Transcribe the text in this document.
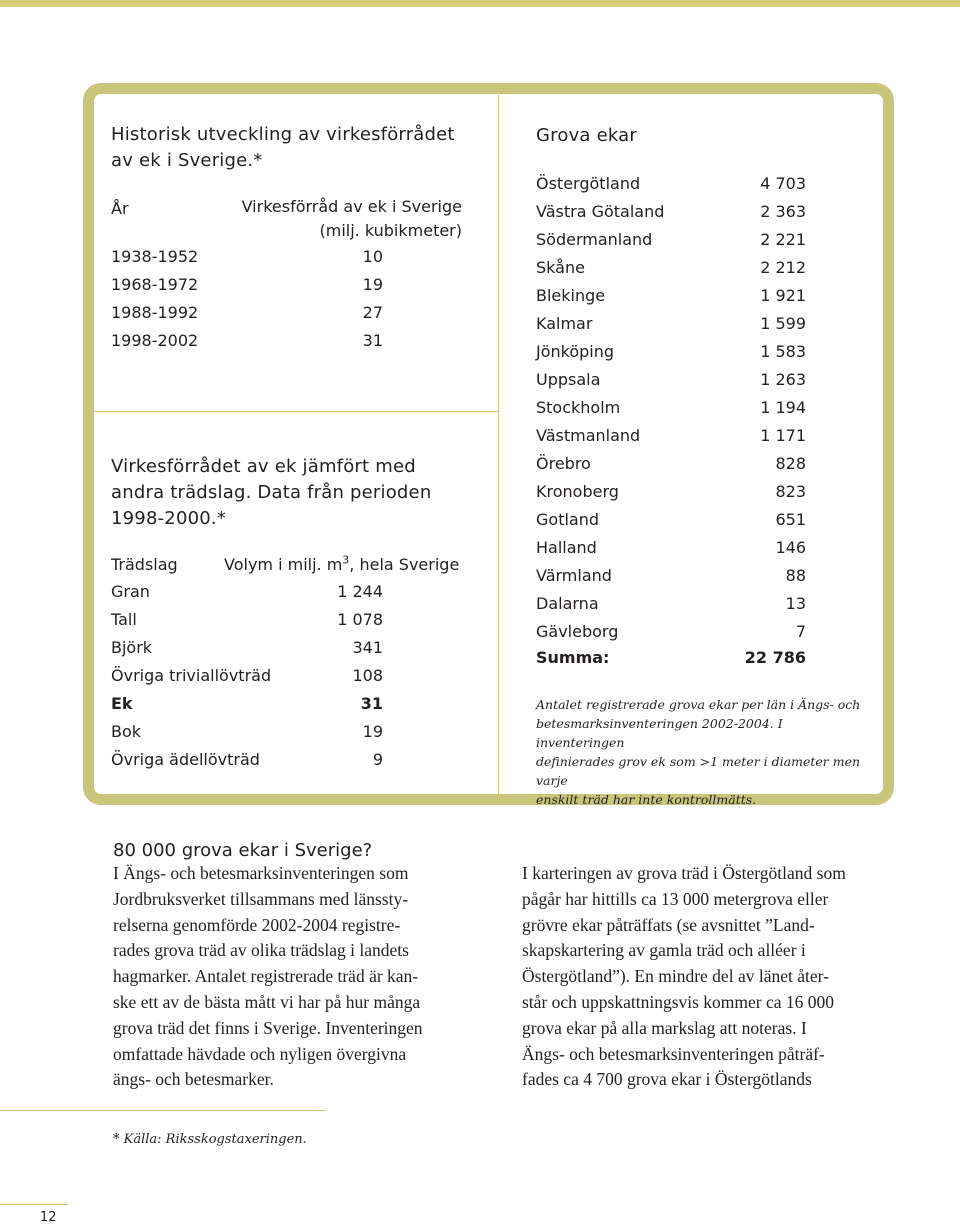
Historisk utveckling av virkesförrådet
av ek i Sverige.*
År	Virkesförråd av ek i Sverige
(milj. kubikmeter)
1938-1952	10
1968-1972	19
1988-1992	27
1998-2002	31
Virkesförrådet av ek jämfört med
andra trädslag. Data från perioden
1998-2000.*
Trädslag	Volym i milj. $m^3$, hela Sverige
Gran	1 244
Tall	1 078
Björk	341
Övriga triviallövträd	108
Ek	31
Bok	19
Övriga ädellövträd	9
Grova ekar
Östergötland	4 703
Västra Götaland	2 363
Södermanland	2 221
Skåne	2 212
Blekinge	1 921
Kalmar	1 599
Jönköping	1 583
Uppsala	1 263
Stockholm	1 194
Västmanland	1 171
Örebro	828
Kronoberg	823
Gotland	651
Halland	146
Värmland	88
Dalarna	13
Gävleborg	7
Summa:	22 786
Antalet registrerade grova ekar per län i Ängs- och
betesmarksinventeringen 2002-2004. I inventeringen
definierades grov ek som >1 meter i diameter men varje
enskilt träd har inte kontrollmätts.
80 000 grova ekar i Sverige?
I Ängs- och betesmarksinventeringen som
Jordbruksverket tillsammans med länssty-
relserna genomförde 2002-2004 registre-
rades grova träd av olika trädslag i landets
hagmarker. Antalet registrerade träd är kan-
ske ett av de bästa mått vi har på hur många
grova träd det finns i Sverige. Inventeringen
omfattade hävdade och nyligen övergivna
ängs- och betesmarker.
I karteringen av grova träd i Östergötland som
pågår har hittills ca 13 000 metergrova eller
grövre ekar påträffats (se avsnittet ”Land-
skapskartering av gamla träd och alléer i
Östergötland”). En mindre del av länet åter-
står och uppskattningsvis kommer ca 16 000
grova ekar på alla markslag att noteras. I
Ängs- och betesmarksinventeringen påträf-
fades ca 4 700 grova ekar i Östergötlands
* Källa: Riksskogstaxeringen.
12
